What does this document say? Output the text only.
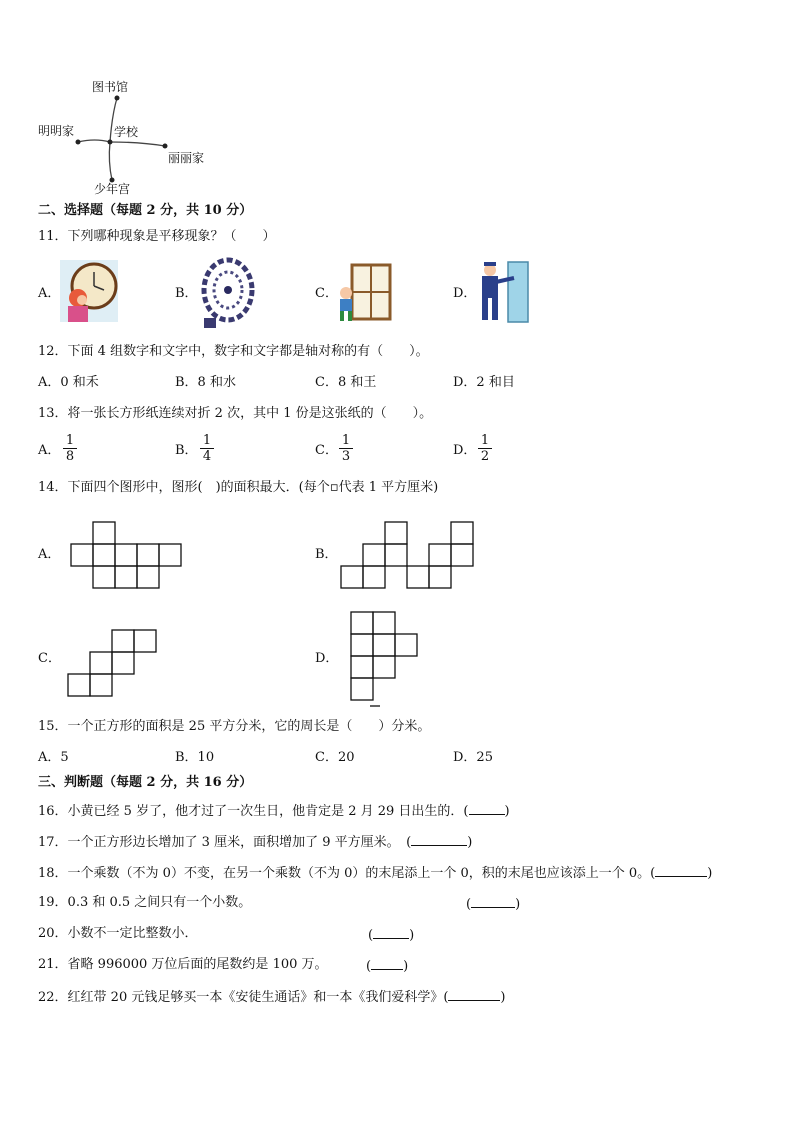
图书馆
明明家	学校
丽丽家
少年宫
二、选择题（每题 2 分，共 10 分）
11．下列哪种现象是平移现象？（　　）
A．	B．	C．	D．
12．下面 4 组数字和文字中，数字和文字都是轴对称的有（　　）。
A．0 和禾	B．8 和水	C．8 和王	D．2 和目
13．将一张长方形纸连续对折 2 次，其中 1 份是这张纸的（　　）。
A． $\frac{1}{8}$	B． $\frac{1}{4}$	C． $\frac{1}{3}$	D． $\frac{1}{2}$
14．下面四个图形中，图形(　)的面积最大．(每个▫代表 1 平方厘米)
A．	B．
C．	D．
15．一个正方形的面积是 25 平方分米，它的周长是（　　）分米。
A．5	B．10	C．20	D．25
三、判断题（每题 2 分，共 16 分）
16．小黄已经 5 岁了，他才过了一次生日，他肯定是 2 月 29 日出生的．(	)
17．一个正方形边长增加了 3 厘米，面积增加了 9 平方厘米。　(	)
18．一个乘数（不为 0）不变，在另一个乘数（不为 0）的末尾添上一个 0，积的末尾也应该添上一个 0。(	)
19．0.3 和 0.5 之间只有一个小数。	(	)
20．小数不一定比整数小．	(	)
21．省略 996000 万位后面的尾数约是 100 万。	( )
22．红红带 20 元钱足够买一本《安徒生通话》和一本《我们爱科学》(	)
